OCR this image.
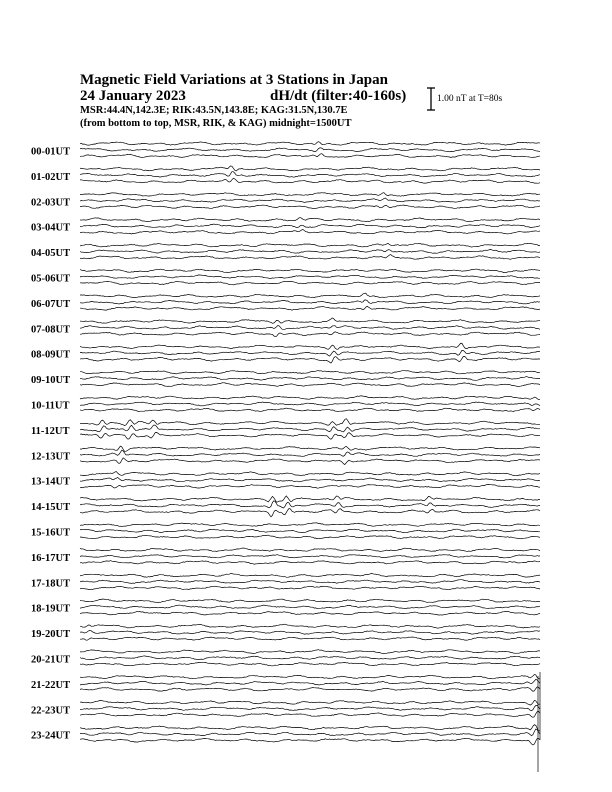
Magnetic Field Variations at 3 Stations in Japan
24 January 2023	dH/dt (filter:40-160s)
MSR:44.4N,142.3E; RIK:43.5N,143.8E; KAG:31.5N,130.7E
(from bottom to top, MSR, RIK, & KAG) midnight=1500UT
1.00 nT at T=80s
00-01UT
01-02UT
02-03UT
03-04UT
04-05UT
05-06UT
06-07UT
07-08UT
08-09UT
09-10UT
10-11UT
11-12UT
12-13UT
13-14UT
14-15UT
15-16UT
16-17UT
17-18UT
18-19UT
19-20UT
20-21UT
21-22UT
22-23UT
23-24UT
